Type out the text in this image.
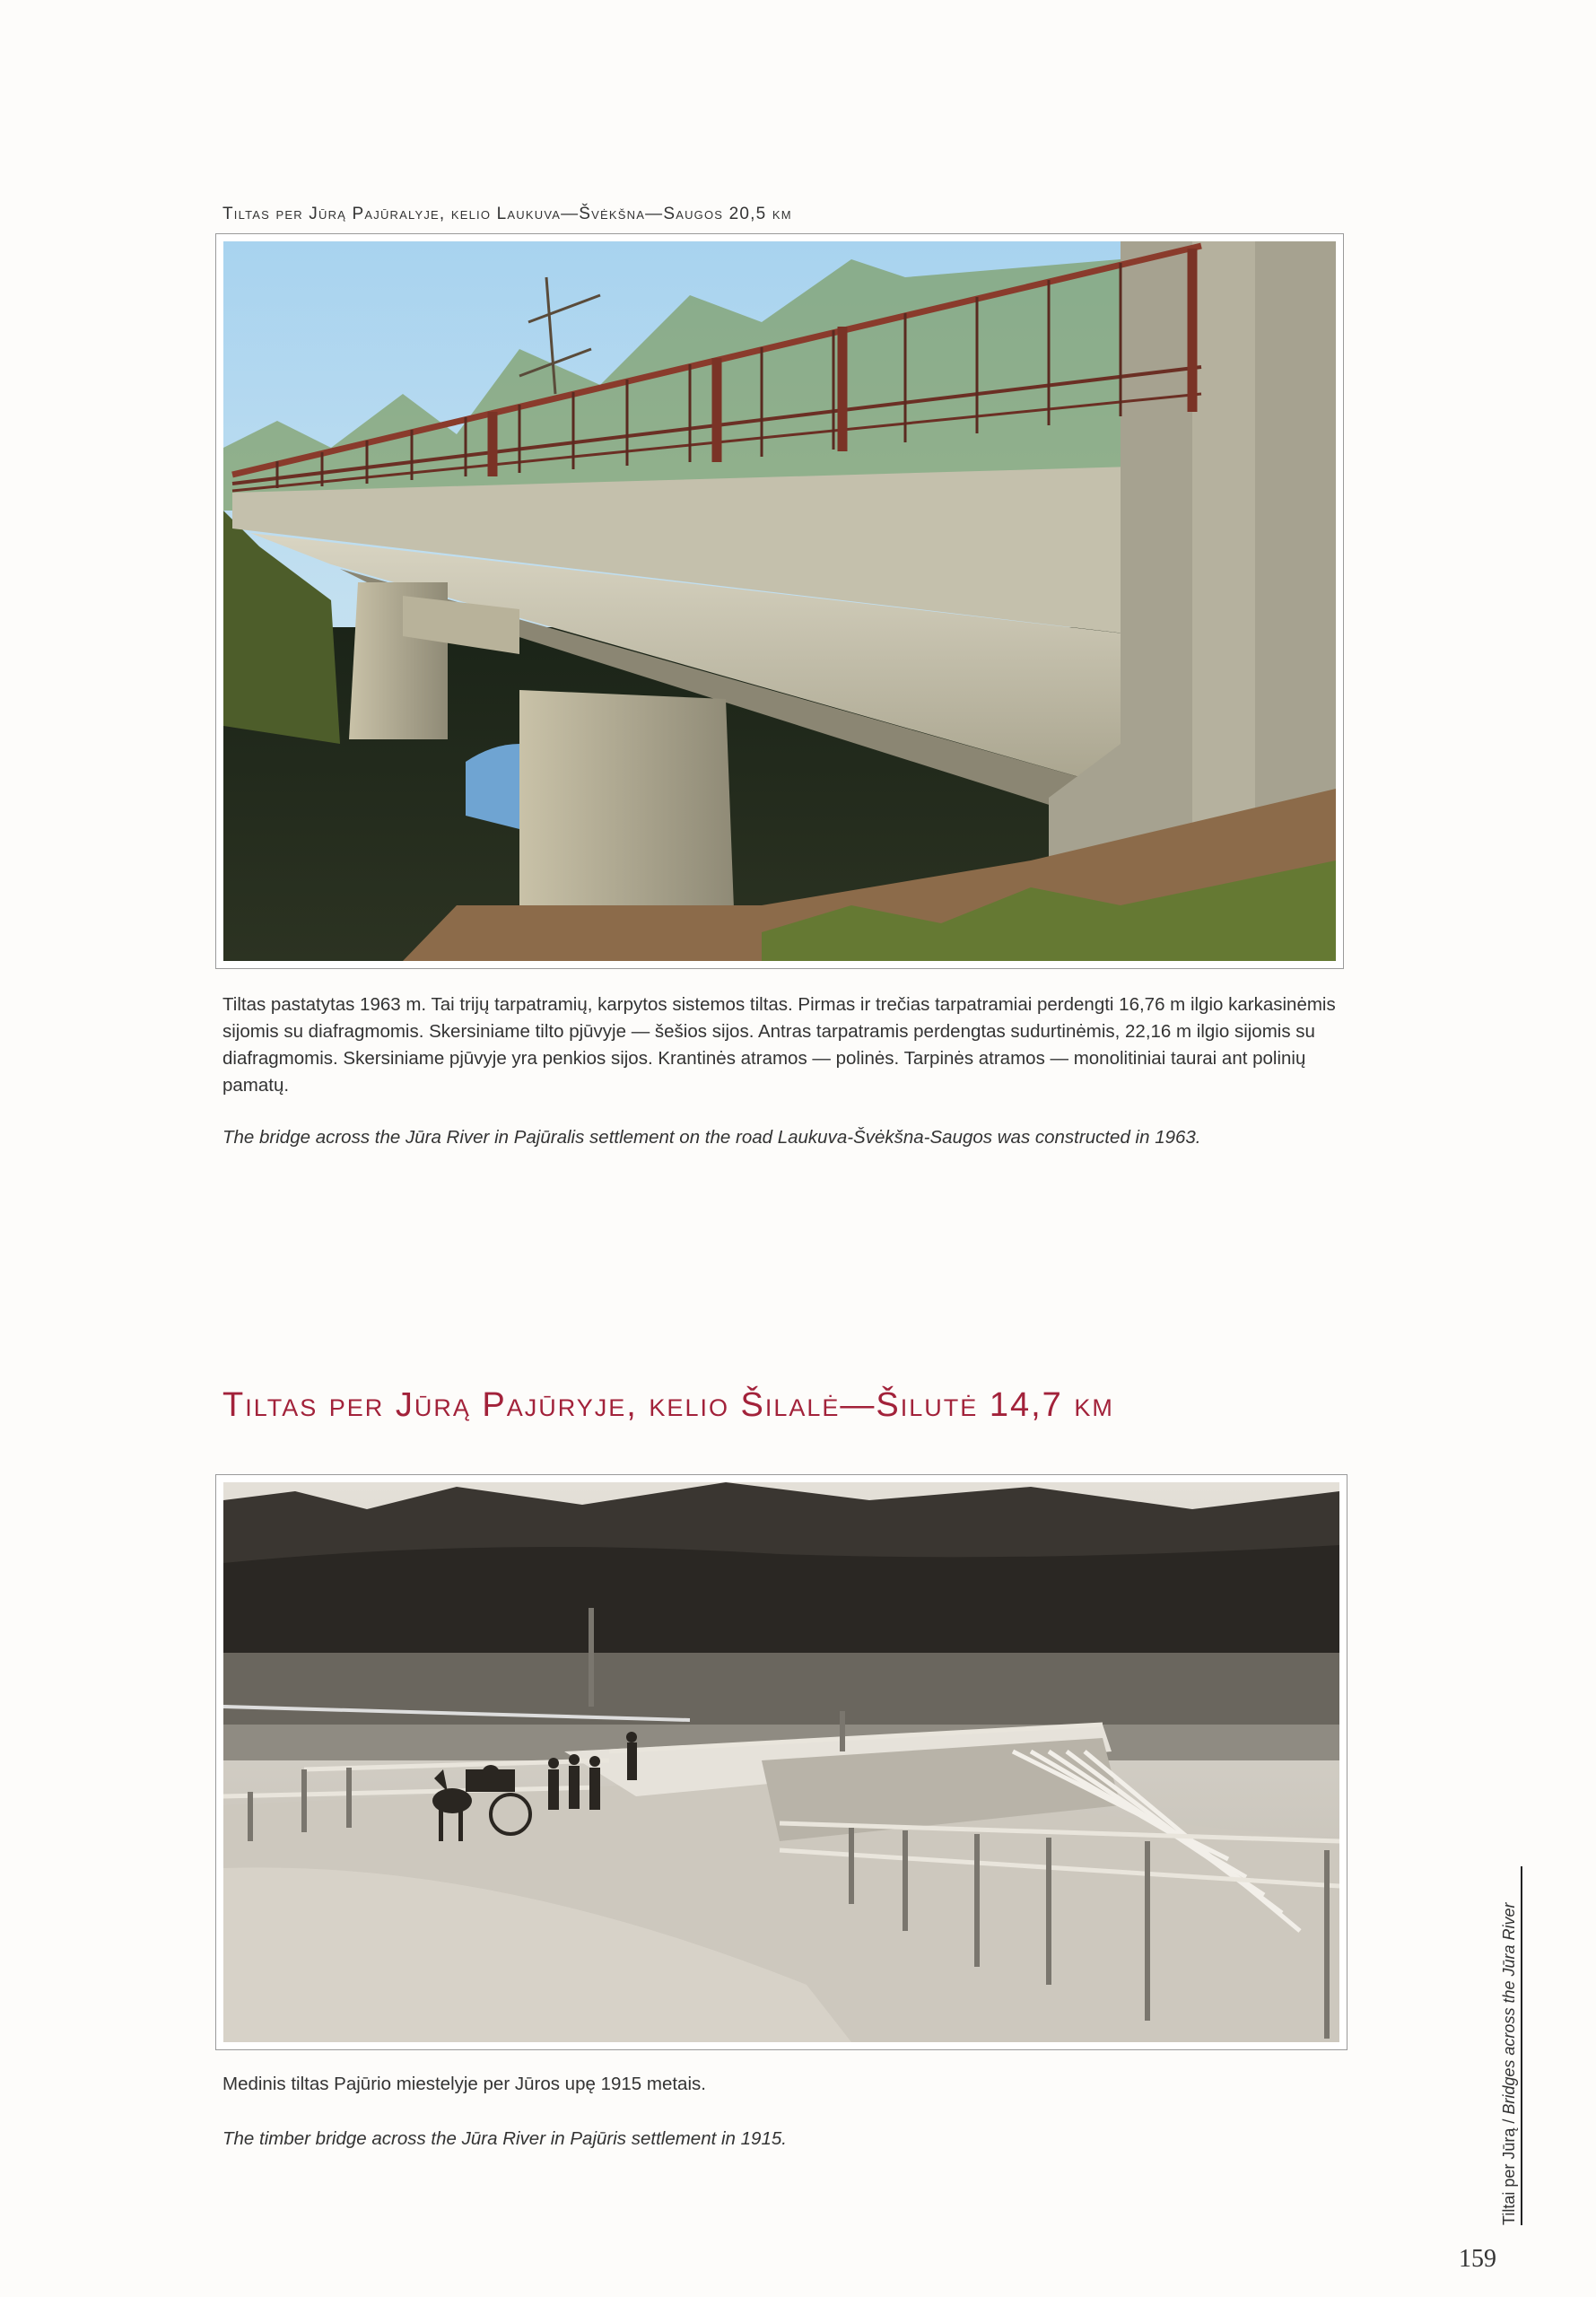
Tiltas per Jūrą Pajūralyje, kelio Laukuva—Švėkšna—Saugos 20,5 km
Tiltas pastatytas 1963 m. Tai trijų tarpatramių, karpytos sistemos tiltas. Pirmas ir trečias tarpatramiai perdengti 16,76 m ilgio karkasinėmis sijomis su diafragmomis. Skersiniame tilto pjūvyje — šešios sijos. Antras tarpatramis perdengtas sudurtinėmis, 22,16 m ilgio sijomis su diafragmomis. Skersiniame pjūvyje yra penkios sijos. Krantinės atramos — polinės. Tarpinės atramos — monolitiniai taurai ant polinių pamatų.
The bridge across the Jūra River in Pajūralis settlement on the road Laukuva-Švėkšna-Saugos was constructed in 1963.
Tiltas per Jūrą Pajūryje, kelio Šilalė—Šilutė 14,7 km
Medinis tiltas Pajūrio miestelyje per Jūros upę 1915 metais.
The timber bridge across the Jūra River in Pajūris settlement in 1915.	Tiltai per Jūrą / Bridges across the Jūra River
159
